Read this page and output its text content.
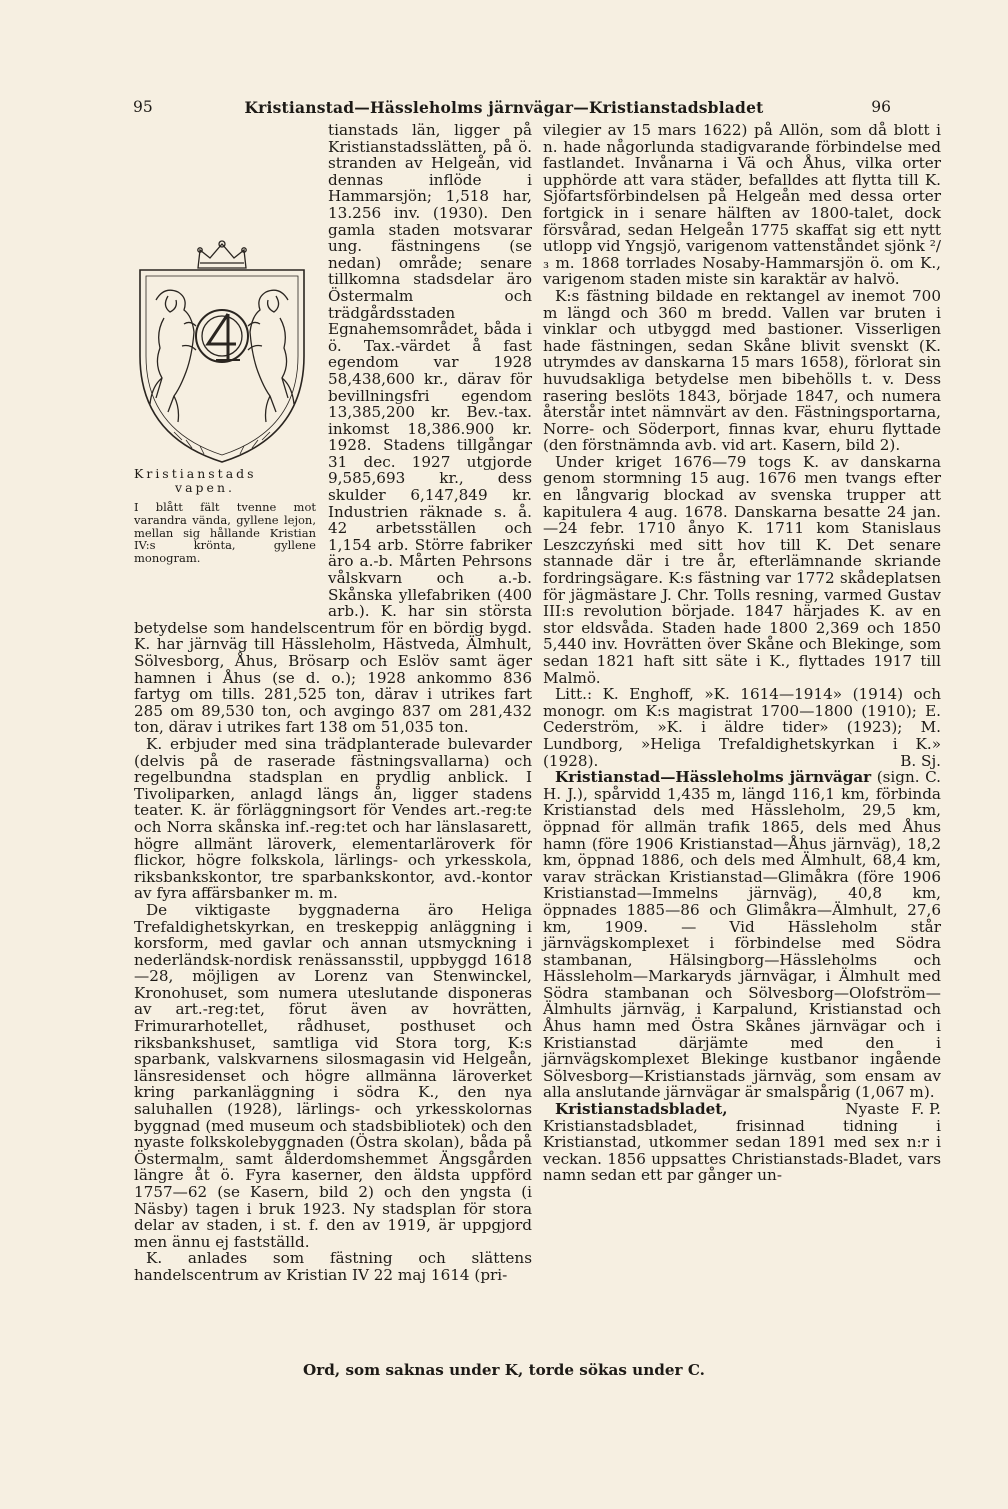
95	Kristianstad—Hässleholms järnvägar—Kristianstadsbladet	96
Kristianstads
vapen.
I blått fält tvenne mot varandra vända, gyllene lejon, mellan sig hållande Kristian IV:s krönta, gyllene monogram.

tianstads län, ligger på Kristianstadsslätten, på ö. stranden av Helgeån, vid dennas inflöde i Hammarsjön; 1,518 har, 13.256 inv. (1930). Den gamla staden motsvarar ung. fästningens (se nedan) område; senare tillkomna stadsdelar äro Östermalm och trädgårdsstaden Egnahemsområdet, båda i ö. Tax.-värdet å fast egendom var 1928 58,438,600 kr., därav för bevillningsfri egendom 13,385,200 kr. Bev.-tax. inkomst 18,386.900 kr. 1928. Stadens tillgångar 31 dec. 1927 utgjorde 9,585,693 kr., dess skulder 6,147,849 kr. Industrien räknade s. å. 42 arbetsställen och 1,154 arb. Större fabriker äro a.-b. Mårten Pehrsons vålskvarn och a.-b. Skånska yllefabriken (400 arb.). K. har sin största betydelse som handelscentrum för en bördig bygd. K. har järnväg till Hässleholm, Hästveda, Älmhult, Sölvesborg, Åhus, Brösarp och Eslöv samt äger hamnen i Åhus (se d. o.); 1928 ankommo 836 fartyg om tills. 281,525 ton, därav i utrikes fart 285 om 89,530 ton, och avgingo 837 om 281,432 ton, därav i utrikes fart 138 om 51,035 ton.

K. erbjuder med sina trädplanterade bulevarder (delvis på de raserade fästningsvallarna) och regelbundna stadsplan en prydlig anblick. I Tivoliparken, anlagd längs ån, ligger stadens teater. K. är förläggningsort för Vendes art.-reg:te och Norra skånska inf.-reg:tet och har länslasarett, högre allmänt läroverk, elementarläroverk för flickor, högre folkskola, lärlings- och yrkesskola, riksbankskontor, tre sparbankskontor, avd.-kontor av fyra affärsbanker m. m.

De viktigaste byggnaderna äro Heliga Trefaldighetskyrkan, en treskeppig anläggning i korsform, med gavlar och annan utsmyckning i nederländsk-nordisk renässansstil, uppbyggd 1618—28, möjligen av Lorenz van Stenwinckel, Kronohuset, som numera uteslutande disponeras av art.-reg:tet, förut även av hovrätten, Frimurarhotellet, rådhuset, posthuset och riksbankshuset, samtliga vid Stora torg, K:s sparbank, valskvarnens silosmagasin vid Helgeån, länsresidenset och högre allmänna läroverket kring parkanläggning i södra K., den nya saluhallen (1928), lärlings- och yrkesskolornas byggnad (med museum och stadsbibliotek) och den nyaste folkskolebyggnaden (Östra skolan), båda på Östermalm, samt ålderdomshemmet Ängsgården längre åt ö. Fyra kaserner, den äldsta uppförd 1757—62 (se Kasern, bild 2) och den yngsta (i Näsby) tagen i bruk 1923. Ny stadsplan för stora delar av staden, i st. f. den av 1919, är uppgjord men ännu ej fastställd.

K. anlades som fästning och slättens handelscentrum av Kristian IV 22 maj 1614 (pri-

vilegier av 15 mars 1622) på Allön, som då blott i n. hade någorlunda stadigvarande förbindelse med fastlandet. Invånarna i Vä och Åhus, vilka orter upphörde att vara städer, befalldes att flytta till K. Sjöfartsförbindelsen på Helgeån med dessa orter fortgick in i senare hälften av 1800-talet, dock försvårad, sedan Helgeån 1775 skaffat sig ett nytt utlopp vid Yngsjö, varigenom vattenståndet sjönk ²/₃ m. 1868 torrlades Nosaby-Hammarsjön ö. om K., varigenom staden miste sin karaktär av halvö.

K:s fästning bildade en rektangel av inemot 700 m längd och 360 m bredd. Vallen var bruten i vinklar och utbyggd med bastioner. Visserligen hade fästningen, sedan Skåne blivit svenskt (K. utrymdes av danskarna 15 mars 1658), förlorat sin huvudsakliga betydelse men bibehölls t. v. Dess rasering beslöts 1843, började 1847, och numera återstår intet nämnvärt av den. Fästningsportarna, Norre- och Söderport, finnas kvar, ehuru flyttade (den förstnämnda avb. vid art. Kasern, bild 2).

Under kriget 1676—79 togs K. av danskarna genom stormning 15 aug. 1676 men tvangs efter en långvarig blockad av svenska trupper att kapitulera 4 aug. 1678. Danskarna besatte 24 jan.—24 febr. 1710 ånyo K. 1711 kom Stanislaus Leszczyński med sitt hov till K. Det senare stannade där i tre år, efterlämnande skriande fordringsägare. K:s fästning var 1772 skådeplatsen för jägmästare J. Chr. Tolls resning, varmed Gustav III:s revolution började. 1847 härjades K. av en stor eldsvåda. Staden hade 1800 2,369 och 1850 5,440 inv. Hovrätten över Skåne och Blekinge, som sedan 1821 haft sitt säte i K., flyttades 1917 till Malmö.

Litt.: K. Enghoff, »K. 1614—1914» (1914) och monogr. om K:s magistrat 1700—1800 (1910); E. Cederström, »K. i äldre tider» (1923); M. Lundborg, »Heliga Trefaldighetskyrkan i K.» (1928).	B. Sj.

Kristianstad—Hässleholms järnvägar (sign. C. H. J.), spårvidd 1,435 m, längd 116,1 km, förbinda Kristianstad dels med Hässleholm, 29,5 km, öppnad för allmän trafik 1865, dels med Åhus hamn (före 1906 Kristianstad—Åhus järnväg), 18,2 km, öppnad 1886, och dels med Älmhult, 68,4 km, varav sträckan Kristianstad—Glimåkra (före 1906 Kristianstad—Immelns järnväg), 40,8 km, öppnades 1885—86 och Glimåkra—Älmhult, 27,6 km, 1909. — Vid Hässleholm står järnvägskomplexet i förbindelse med Södra stambanan, Hälsingborg—Hässleholms och Hässleholm—Markaryds järnvägar, i Älmhult med Södra stambanan och Sölvesborg—Olofström—Älmhults järnväg, i Karpalund, Kristianstad och Åhus hamn med Östra Skånes järnvägar och i Kristianstad därjämte med den i järnvägskomplexet Blekinge kustbanor ingående Sölvesborg—Kristianstads järnväg, som ensam av alla anslutande järnvägar är smalspårig (1,067 m).
F. P.

Kristianstadsbladet,	Nyaste Kristianstadsbladet, frisinnad tidning i Kristianstad, utkommer sedan 1891 med sex n:r i veckan. 1856 uppsattes Christianstads-Bladet, vars namn sedan ett par gånger un-

Ord, som saknas under K, torde sökas under C.
